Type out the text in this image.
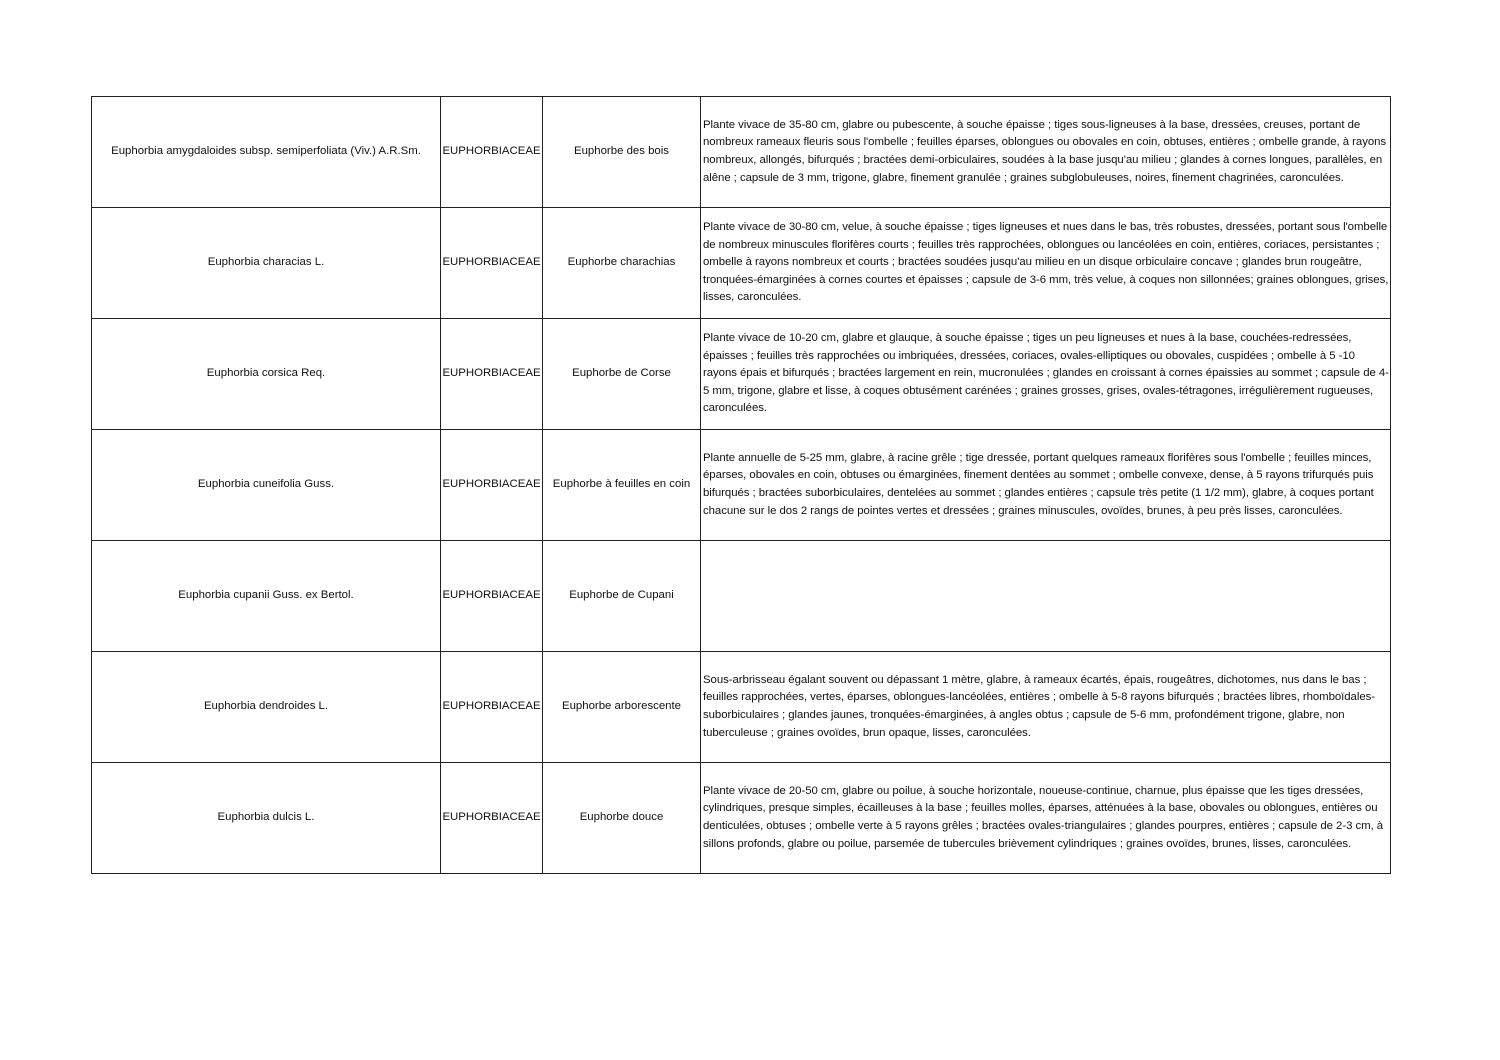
Euphorbia amygdaloides subsp. semiperfoliata (Viv.) A.R.Sm.	EUPHORBIACEAE	Euphorbe des bois	Plante vivace de 35-80 cm, glabre ou pubescente, à souche épaisse ; tiges sous-ligneuses à la base, dressées, creuses, portant de nombreux rameaux fleuris sous l'ombelle ; feuilles éparses, oblongues ou obovales en coin, obtuses, entières ; ombelle grande, à rayons nombreux, allongés, bifurqués ; bractées demi-orbiculaires, soudées à la base jusqu'au milieu ; glandes à cornes longues, parallèles, en alêne ; capsule de 3 mm, trigone, glabre, finement granulée ; graines subglobuleuses, noires, finement chagrinées, caronculées.
Euphorbia characias L.	EUPHORBIACEAE	Euphorbe charachias	Plante vivace de 30-80 cm, velue, à souche épaisse ; tiges ligneuses et nues dans le bas, très robustes, dressées, portant sous l'ombelle de nombreux minuscules florifères courts ; feuilles très rapprochées, oblongues ou lancéolées en coin, entières, coriaces, persistantes ; ombelle à rayons nombreux et courts ; bractées soudées jusqu'au milieu en un disque orbiculaire concave ; glandes brun rougeâtre, tronquées-émarginées à cornes courtes et épaisses ; capsule de 3-6 mm, très velue, à coques non sillonnées; graines oblongues, grises, lisses, caronculées.
Euphorbia corsica Req.	EUPHORBIACEAE	Euphorbe de Corse	Plante vivace de 10-20 cm, glabre et glauque, à souche épaisse ; tiges un peu ligneuses et nues à la base, couchées-redressées, épaisses ; feuilles très rapprochées ou imbriquées, dressées, coriaces, ovales-elliptiques ou obovales, cuspidées ; ombelle à 5 -10 rayons épais et bifurqués ; bractées largement en rein, mucronulées ; glandes en croissant à cornes épaissies au sommet ; capsule de 4-5 mm, trigone, glabre et lisse, à coques obtusément carénées ; graines grosses, grises, ovales-tétragones, irrégulièrement rugueuses, caronculées.
Euphorbia cuneifolia Guss.	EUPHORBIACEAE	Euphorbe à feuilles en coin	Plante annuelle de 5-25 mm, glabre, à racine grêle ; tige dressée, portant quelques rameaux florifères sous l'ombelle ; feuilles minces, éparses, obovales en coin, obtuses ou émarginées, finement dentées au sommet ; ombelle convexe, dense, à 5 rayons trifurqués puis bifurqués ; bractées suborbiculaires, dentelées au sommet ; glandes entières ; capsule très petite (1 1/2 mm), glabre, à coques portant chacune sur le dos 2 rangs de pointes vertes et dressées ; graines minuscules, ovoïdes, brunes, à peu près lisses, caronculées.
Euphorbia cupanii Guss. ex Bertol.	EUPHORBIACEAE	Euphorbe de Cupani	
Euphorbia dendroides L.	EUPHORBIACEAE	Euphorbe arborescente	Sous-arbrisseau égalant souvent ou dépassant 1 mètre, glabre, à rameaux écartés, épais, rougeâtres, dichotomes, nus dans le bas ; feuilles rapprochées, vertes, éparses, oblongues-lancéolées, entières ; ombelle à 5-8 rayons bifurqués ; bractées libres, rhomboïdales-suborbiculaires ; glandes jaunes, tronquées-émarginées, à angles obtus ; capsule de 5-6 mm, profondément trigone, glabre, non tuberculeuse ; graines ovoïdes, brun opaque, lisses, caronculées.
Euphorbia dulcis L.	EUPHORBIACEAE	Euphorbe douce	Plante vivace de 20-50 cm, glabre ou poilue, à souche horizontale, noueuse-continue, charnue, plus épaisse que les tiges dressées, cylindriques, presque simples, écailleuses à la base ; feuilles molles, éparses, atténuées à la base, obovales ou oblongues, entières ou denticulées, obtuses ; ombelle verte à 5 rayons grêles ; bractées ovales-triangulaires ; glandes pourpres, entières ; capsule de 2-3 cm, à sillons profonds, glabre ou poilue, parsemée de tubercules brièvement cylindriques ; graines ovoïdes, brunes, lisses, caronculées.
